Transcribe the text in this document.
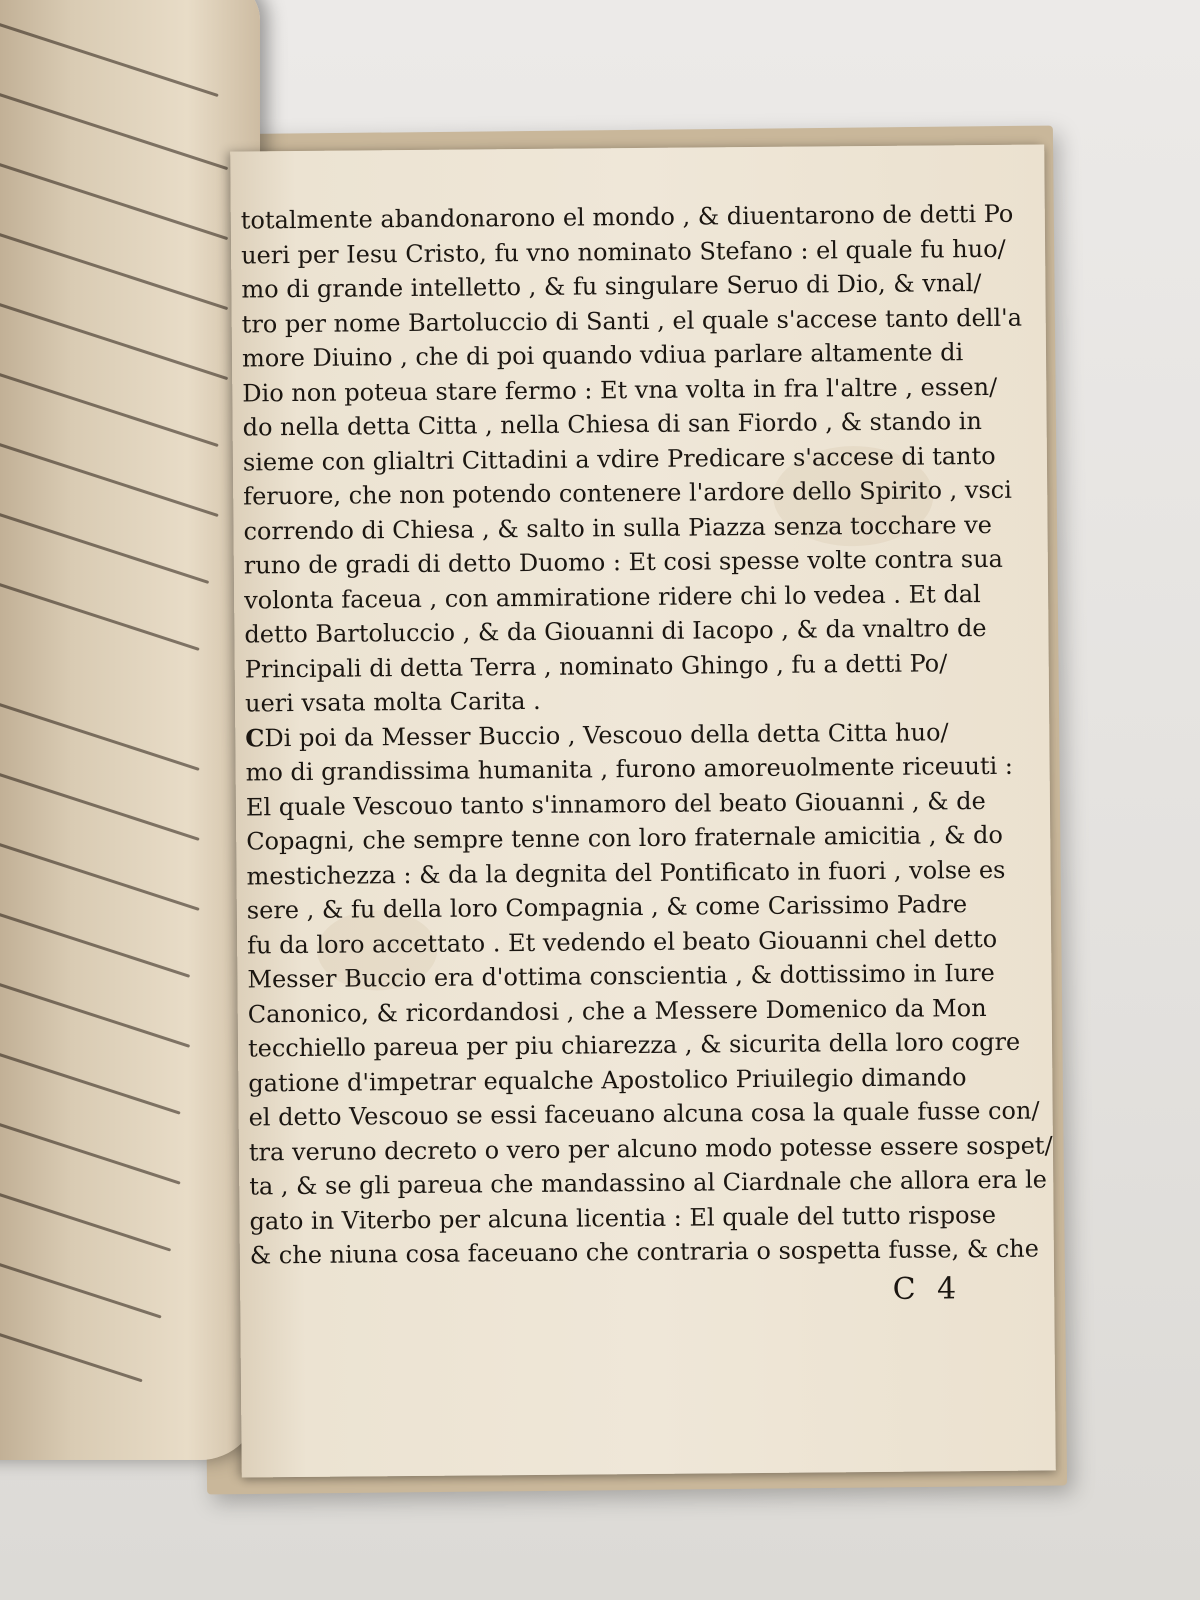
totalmente abandonarono el mondo , & diuentarono de detti Po
ueri per Iesu Cristo, fu vno nominato Stefano : el quale fu huo/
mo di grande intelletto , & fu singulare Seruo di Dio, & vnal/
tro per nome Bartoluccio di Santi , el quale s'accese tanto dell'a
more Diuino , che di poi quando vdiua parlare altamente di
Dio non poteua stare fermo : Et vna volta in fra l'altre , essen/
do nella detta Citta , nella Chiesa di san Fiordo , & stando in
sieme con glialtri Cittadini a vdire Predicare s'accese di tanto
feruore, che non potendo contenere l'ardore dello Spirito , vsci
correndo di Chiesa , & salto in sulla Piazza senza tocchare ve
runo de gradi di detto Duomo : Et cosi spesse volte contra sua
volonta faceua , con ammiratione ridere chi lo vedea . Et dal
detto Bartoluccio , & da Giouanni di Iacopo , & da vnaltro de
Principali di detta Terra , nominato Ghingo , fu a detti Po/
ueri vsata molta Carita .
CDi poi da Messer Buccio , Vescouo della detta Citta huo/
mo di grandissima humanita , furono amoreuolmente riceuuti :
El quale Vescouo tanto s'innamoro del beato Giouanni , & de
Copagni, che sempre tenne con loro fraternale amicitia , & do
mestichezza : & da la degnita del Pontificato in fuori , volse es
sere , & fu della loro Compagnia , & come Carissimo Padre
fu da loro accettato . Et vedendo el beato Giouanni chel detto
Messer Buccio era d'ottima conscientia , & dottissimo in Iure
Canonico, & ricordandosi , che a Messere Domenico da Mon
tecchiello pareua per piu chiarezza , & sicurita della loro cogre
gatione d'impetrar equalche Apostolico Priuilegio dimando
el detto Vescouo se essi faceuano alcuna cosa la quale fusse con/
tra veruno decreto o vero per alcuno modo potesse essere sospet/
ta , & se gli pareua che mandassino al Ciardnale che allora era le
gato in Viterbo per alcuna licentia : El quale del tutto rispose
& che niuna cosa faceuano che contraria o sospetta fusse, & che
C 4
